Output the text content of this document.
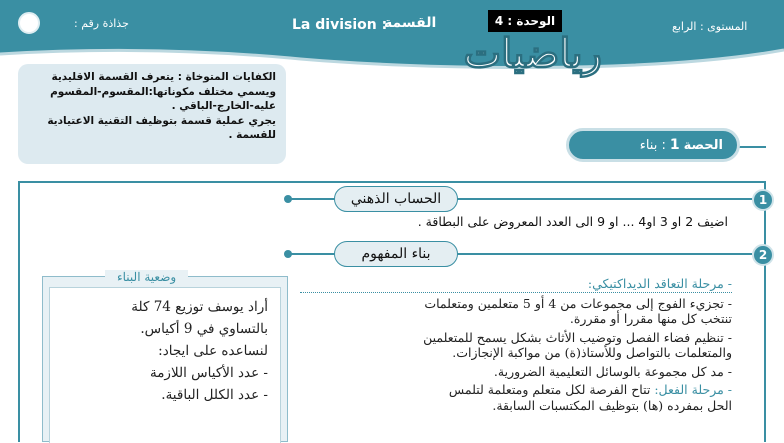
جذاذة رقم :	La division :
القسمة	الوحدة : 4	المستوى : الرابع
رياضيات
الكفايات المتوخاة : يتعرف القسمة الاقليدية
ويسمي مختلف مكوناتها:المقسوم-المقسوم
عليه-الخارج-الباقي .
يجري عملية قسمة بتوظيف التقنية الاعتيادية
للقسمة .
الحصة
1
: بناء
الحساب الذهني	1
اضيف 2 او 3 او4 ... او 9 الى العدد المعروض على البطاقة .
بناء المفهوم	2
أراد يوسف توزيع 74 كلة
بالتساوي في 9 أكياس.
لنساعده على ايجاد:
- عدد الأكياس اللازمة
- عدد الكلل الباقية.
وضعية البناء	- مرحلة التعاقد الديداكتيكي:
- تجزيء الفوج إلى مجموعات من 4 أو 5 متعلمين ومتعلمات
تنتخب كل منها مقررا أو مقررة.
- تنظيم فضاء الفصل وتوضيب الأثاث بشكل يسمح للمتعلمين
والمتعلمات بالتواصل وللأستاذ(ة) من مواكبة الإنجازات.
- مد كل مجموعة بالوسائل التعليمية الضرورية.
- مرحلة الفعل: تتاح الفرصة لكل متعلم ومتعلمة لتلمس
الحل بمفرده (ها) بتوظيف المكتسبات السابقة.
